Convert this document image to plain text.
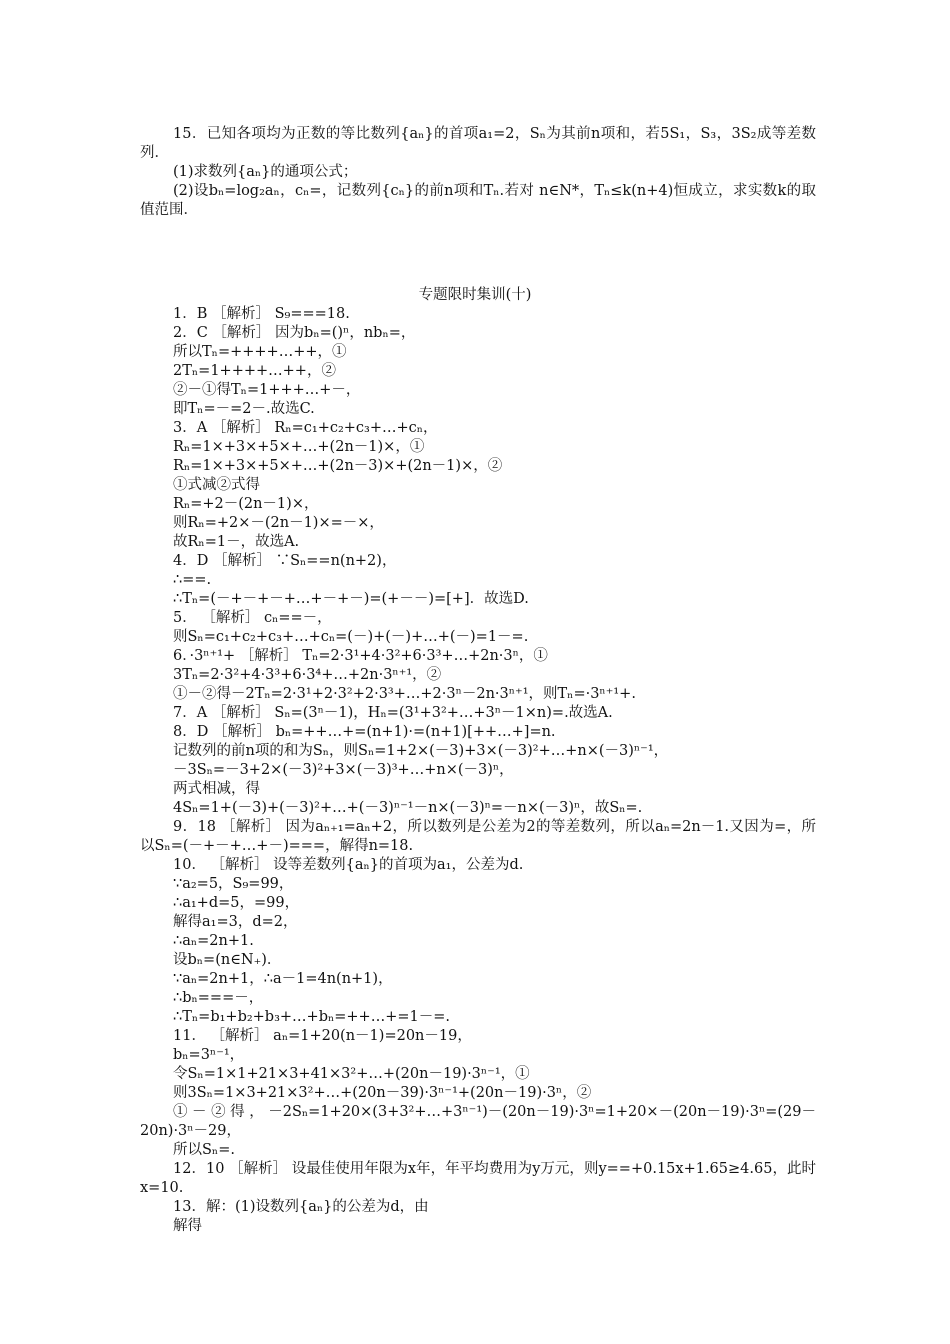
15．已知各项均为正数的等比数列{aₙ}的首项a₁=2，Sₙ为其前n项和，若5S₁，S₃，3S₂成等差数列．
(1)求数列{aₙ}的通项公式；
(2)设bₙ=log₂aₙ，cₙ=，记数列{cₙ}的前n项和Tₙ.若对 n∈N*，Tₙ≤k(n+4)恒成立，求实数k的取值范围．
专题限时集训(十)
1．B ［解析］ S₉===18.
2．C ［解析］ 因为bₙ=()ⁿ，nbₙ=，
所以Tₙ=++++…++，①
2Tₙ=1++++…++，②
②－①得Tₙ=1+++…+－，
即Tₙ=－=2－.故选C.
3．A ［解析］ Rₙ=c₁+c₂+c₃+…+cₙ，
Rₙ=1×+3×+5×+…+(2n－1)×，①
Rₙ=1×+3×+5×+…+(2n－3)×+(2n－1)×，②
①式减②式得
Rₙ=+2－(2n－1)×，
则Rₙ=+2×－(2n－1)×=－×，
故Rₙ=1－，故选A.
4．D ［解析］ ∵Sₙ==n(n+2)，
∴==.
∴Tₙ=(－+－+－+…+－+－)=(+－－)=[+]．故选D.
5． ［解析］ cₙ==－，
则Sₙ=c₁+c₂+c₃+…+cₙ=(－)+(－)+…+(－)=1－=.
6．·3ⁿ⁺¹+ ［解析］ Tₙ=2·3¹+4·3²+6·3³+…+2n·3ⁿ，①
3Tₙ=2·3²+4·3³+6·3⁴+…+2n·3ⁿ⁺¹，②
①－②得－2Tₙ=2·3¹+2·3²+2·3³+…+2·3ⁿ－2n·3ⁿ⁺¹，则Tₙ=·3ⁿ⁺¹+.
7．A ［解析］ Sₙ=(3ⁿ－1)，Hₙ=(3¹+3²+…+3ⁿ－1×n)=.故选A.
8．D ［解析］ bₙ=++…+=(n+1)·=(n+1)[++…+]=n.
记数列的前n项的和为Sₙ，则Sₙ=1+2×(－3)+3×(－3)²+…+n×(－3)ⁿ⁻¹，
－3Sₙ=－3+2×(－3)²+3×(－3)³+…+n×(－3)ⁿ，
两式相减，得
4Sₙ=1+(－3)+(－3)²+…+(－3)ⁿ⁻¹－n×(－3)ⁿ=－n×(－3)ⁿ，故Sₙ=.
9．18 ［解析］ 因为aₙ₊₁=aₙ+2，所以数列是公差为2的等差数列，所以aₙ=2n－1.又因为=，所以Sₙ=(－+－+…+－)===，解得n=18.
10． ［解析］ 设等差数列{aₙ}的首项为a₁，公差为d.
∵a₂=5，S₉=99，
∴a₁+d=5，=99，
解得a₁=3，d=2，
∴aₙ=2n+1.
设bₙ=(n∈N₊)．
∵aₙ=2n+1，∴a－1=4n(n+1)，
∴bₙ===－，
∴Tₙ=b₁+b₂+b₃+…+bₙ=++…+=1－=.
11． ［解析］ aₙ=1+20(n－1)=20n－19，
bₙ=3ⁿ⁻¹，
令Sₙ=1×1+21×3+41×3²+…+(20n－19)·3ⁿ⁻¹，①
则3Sₙ=1×3+21×3²+…+(20n－39)·3ⁿ⁻¹+(20n－19)·3ⁿ，②
①－②得，－2Sₙ=1+20×(3+3²+…+3ⁿ⁻¹)－(20n－19)·3ⁿ=1+20×－(20n－19)·3ⁿ=(29－20n)·3ⁿ－29，
所以Sₙ=.
12．10 ［解析］ 设最佳使用年限为x年，年平均费用为y万元，则y==+0.15x+1.65≥4.65，此时x=10.
13．解：(1)设数列{aₙ}的公差为d，由
解得
